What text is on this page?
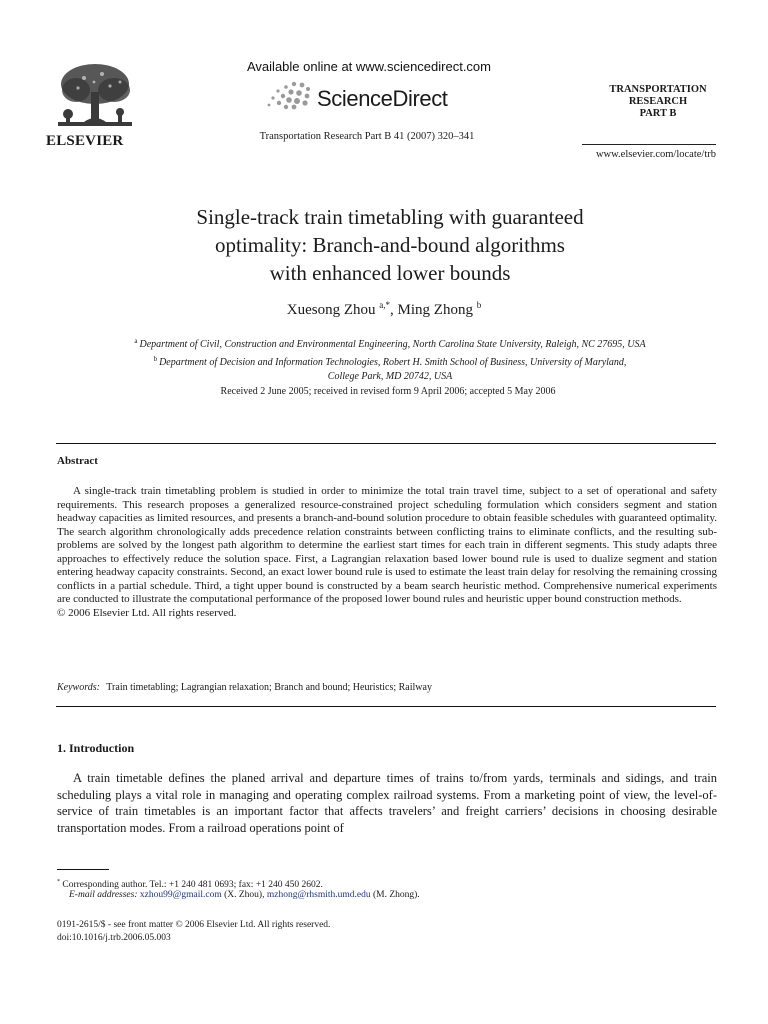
ELSEVIER
Available online at www.sciencedirect.com
ScienceDirect
Transportation Research Part B 41 (2007) 320–341
TRANSPORTATION
RESEARCH
PART B
www.elsevier.com/locate/trb
Single-track train timetabling with guaranteed
optimality: Branch-and-bound algorithms
with enhanced lower bounds
Xuesong Zhou $^{a,*}$, Ming Zhong $^b$
$^a$ Department of Civil, Construction and Environmental Engineering, North Carolina State University, Raleigh, NC 27695, USA
$^b$ Department of Decision and Information Technologies, Robert H. Smith School of Business, University of Maryland,
College Park, MD 20742, USA
Received 2 June 2005; received in revised form 9 April 2006; accepted 5 May 2006
Abstract
A single-track train timetabling problem is studied in order to minimize the total train travel time, subject to a set of operational and safety requirements. This research proposes a generalized resource-constrained project scheduling formulation which considers segment and station headway capacities as limited resources, and presents a branch-and-bound solution procedure to obtain feasible schedules with guaranteed optimality. The search algorithm chronologically adds precedence relation constraints between conflicting trains to eliminate conflicts, and the resulting sub-problems are solved by the longest path algorithm to determine the earliest start times for each train in different segments. This study adapts three approaches to effectively reduce the solution space. First, a Lagrangian relaxation based lower bound rule is used to dualize segment and station entering headway capacity constraints. Second, an exact lower bound rule is used to estimate the least train delay for resolving the remaining crossing conflicts in a partial schedule. Third, a tight upper bound is constructed by a beam search heuristic method. Comprehensive numerical experiments are conducted to illustrate the computational performance of the proposed lower bound rules and heuristic upper bound construction methods.
© 2006 Elsevier Ltd. All rights reserved.
Keywords: Train timetabling; Lagrangian relaxation; Branch and bound; Heuristics; Railway
1. Introduction
A train timetable defines the planed arrival and departure times of trains to/from yards, terminals and sidings, and train scheduling plays a vital role in managing and operating complex railroad systems. From a marketing point of view, the level-of-service of train timetables is an important factor that affects travelers’ and freight carriers’ decisions in choosing desirable transportation modes. From a railroad operations point of
* Corresponding author. Tel.: +1 240 481 0693; fax: +1 240 450 2602.
E-mail addresses: xzhou99@gmail.com (X. Zhou), mzhong@rhsmith.umd.edu (M. Zhong).
0191-2615/$ - see front matter © 2006 Elsevier Ltd. All rights reserved.
doi:10.1016/j.trb.2006.05.003
